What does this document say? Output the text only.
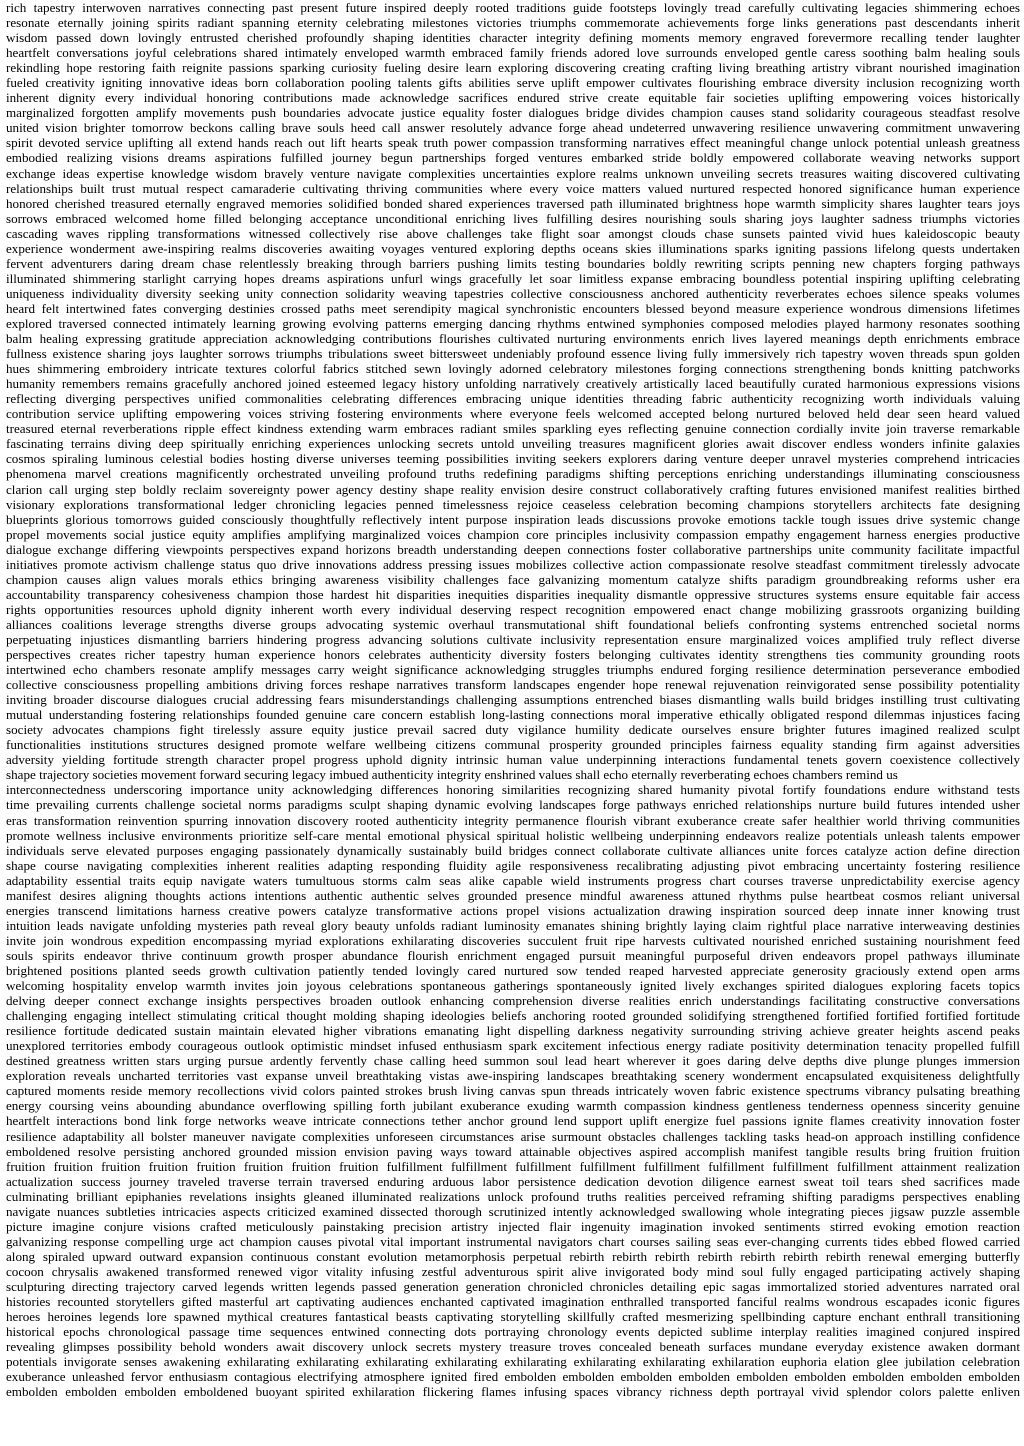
rich tapestry interwoven narratives connecting past present future inspired deeply rooted traditions guide footsteps lovingly tread carefully cultivating legacies shimmering echoes
resonate eternally joining spirits radiant spanning eternity celebrating milestones victories triumphs commemorate achievements forge links generations past descendants inherit
wisdom passed down lovingly entrusted cherished profoundly shaping identities character integrity defining moments memory engraved forevermore recalling tender laughter
heartfelt conversations joyful celebrations shared intimately enveloped warmth embraced family friends adored love surrounds enveloped gentle caress soothing balm healing souls
rekindling hope restoring faith reignite passions sparking curiosity fueling desire learn exploring discovering creating crafting living breathing artistry vibrant nourished imagination
fueled creativity igniting innovative ideas born collaboration pooling talents gifts abilities serve uplift empower cultivates flourishing embrace diversity inclusion recognizing worth
inherent dignity every individual honoring contributions made acknowledge sacrifices endured strive create equitable fair societies uplifting empowering voices historically
marginalized forgotten amplify movements push boundaries advocate justice equality foster dialogues bridge divides champion causes stand solidarity courageous steadfast resolve
united vision brighter tomorrow beckons calling brave souls heed call answer resolutely advance forge ahead undeterred unwavering resilience unwavering commitment unwavering
spirit devoted service uplifting all extend hands reach out lift hearts speak truth power compassion transforming narratives effect meaningful change unlock potential unleash greatness
embodied realizing visions dreams aspirations fulfilled journey begun partnerships forged ventures embarked stride boldly empowered collaborate weaving networks support
exchange ideas expertise knowledge wisdom bravely venture navigate complexities uncertainties explore realms unknown unveiling secrets treasures waiting discovered cultivating
relationships built trust mutual respect camaraderie cultivating thriving communities where every voice matters valued nurtured respected honored significance human experience
honored cherished treasured eternally engraved memories solidified bonded shared experiences traversed path illuminated brightness hope warmth simplicity shares laughter tears joys
sorrows embraced welcomed home filled belonging acceptance unconditional enriching lives fulfilling desires nourishing souls sharing joys laughter sadness triumphs victories
cascading waves rippling transformations witnessed collectively rise above challenges take flight soar amongst clouds chase sunsets painted vivid hues kaleidoscopic beauty
experience wonderment awe-inspiring realms discoveries awaiting voyages ventured exploring depths oceans skies illuminations sparks igniting passions lifelong quests undertaken
fervent adventurers daring dream chase relentlessly breaking through barriers pushing limits testing boundaries boldly rewriting scripts penning new chapters forging pathways
illuminated shimmering starlight carrying hopes dreams aspirations unfurl wings gracefully let soar limitless expanse embracing boundless potential inspiring uplifting celebrating
uniqueness individuality diversity seeking unity connection solidarity weaving tapestries collective consciousness anchored authenticity reverberates echoes silence speaks volumes
heard felt intertwined fates converging destinies crossed paths meet serendipity magical synchronistic encounters blessed beyond measure experience wondrous dimensions lifetimes
explored traversed connected intimately learning growing evolving patterns emerging dancing rhythms entwined symphonies composed melodies played harmony resonates soothing
balm healing expressing gratitude appreciation acknowledging contributions flourishes cultivated nurturing environments enrich lives layered meanings depth enrichments embrace
fullness existence sharing joys laughter sorrows triumphs tribulations sweet bittersweet undeniably profound essence living fully immersively rich tapestry woven threads spun golden
hues shimmering embroidery intricate textures colorful fabrics stitched sewn lovingly adorned celebratory milestones forging connections strengthening bonds knitting patchworks
humanity remembers remains gracefully anchored joined esteemed legacy history unfolding narratively creatively artistically laced beautifully curated harmonious expressions visions
reflecting diverging perspectives unified commonalities celebrating differences embracing unique identities threading fabric authenticity recognizing worth individuals valuing
contribution service uplifting empowering voices striving fostering environments where everyone feels welcomed accepted belong nurtured beloved held dear seen heard valued
treasured eternal reverberations ripple effect kindness extending warm embraces radiant smiles sparkling eyes reflecting genuine connection cordially invite join traverse remarkable
fascinating terrains diving deep spiritually enriching experiences unlocking secrets untold unveiling treasures magnificent glories await discover endless wonders infinite galaxies
cosmos spiraling luminous celestial bodies hosting diverse universes teeming possibilities inviting seekers explorers daring venture deeper unravel mysteries comprehend intricacies
phenomena marvel creations magnificently orchestrated unveiling profound truths redefining paradigms shifting perceptions enriching understandings illuminating consciousness
clarion call urging step boldly reclaim sovereignty power agency destiny shape reality envision desire construct collaboratively crafting futures envisioned manifest realities birthed
visionary explorations transformational ledger chronicling legacies penned timelessness rejoice ceaseless celebration becoming champions storytellers architects fate designing
blueprints glorious tomorrows guided consciously thoughtfully reflectively intent purpose inspiration leads discussions provoke emotions tackle tough issues drive systemic change
propel movements social justice equity amplifies amplifying marginalized voices champion core principles inclusivity compassion empathy engagement harness energies productive
dialogue exchange differing viewpoints perspectives expand horizons breadth understanding deepen connections foster collaborative partnerships unite community facilitate impactful
initiatives promote activism challenge status quo drive innovations address pressing issues mobilizes collective action compassionate resolve steadfast commitment tirelessly advocate
champion causes align values morals ethics bringing awareness visibility challenges face galvanizing momentum catalyze shifts paradigm groundbreaking reforms usher era
accountability transparency cohesiveness champion those hardest hit disparities inequities disparities inequality dismantle oppressive structures systems ensure equitable fair access
rights opportunities resources uphold dignity inherent worth every individual deserving respect recognition empowered enact change mobilizing grassroots organizing building
alliances coalitions leverage strengths diverse groups advocating systemic overhaul transmutational shift foundational beliefs confronting systems entrenched societal norms
perpetuating injustices dismantling barriers hindering progress advancing solutions cultivate inclusivity representation ensure marginalized voices amplified truly reflect diverse
perspectives creates richer tapestry human experience honors celebrates authenticity diversity fosters belonging cultivates identity strengthens ties community grounding roots
intertwined echo chambers resonate amplify messages carry weight significance acknowledging struggles triumphs endured forging resilience determination perseverance embodied
collective consciousness propelling ambitions driving forces reshape narratives transform landscapes engender hope renewal rejuvenation reinvigorated sense possibility potentiality
inviting broader discourse dialogues crucial addressing fears misunderstandings challenging assumptions entrenched biases dismantling walls build bridges instilling trust cultivating
mutual understanding fostering relationships founded genuine care concern establish long-lasting connections moral imperative ethically obligated respond dilemmas injustices facing
society advocates champions fight tirelessly assure equity justice prevail sacred duty vigilance humility dedicate ourselves ensure brighter futures imagined realized sculpt
functionalities institutions structures designed promote welfare wellbeing citizens communal prosperity grounded principles fairness equality standing firm against adversities
adversity yielding fortitude strength character propel progress uphold dignity intrinsic human value underpinning interactions fundamental tenets govern coexistence collectively
shape trajectory societies movement forward securing legacy imbued authenticity integrity enshrined values shall echo eternally reverberating echoes chambers remind us
interconnectedness underscoring importance unity acknowledging differences honoring similarities recognizing shared humanity pivotal fortify foundations endure withstand tests
time prevailing currents challenge societal norms paradigms sculpt shaping dynamic evolving landscapes forge pathways enriched relationships nurture build futures intended usher
eras transformation reinvention spurring innovation discovery rooted authenticity integrity permanence flourish vibrant exuberance create safer healthier world thriving communities
promote wellness inclusive environments prioritize self-care mental emotional physical spiritual holistic wellbeing underpinning endeavors realize potentials unleash talents empower
individuals serve elevated purposes engaging passionately dynamically sustainably build bridges connect collaborate cultivate alliances unite forces catalyze action define direction
shape course navigating complexities inherent realities adapting responding fluidity agile responsiveness recalibrating adjusting pivot embracing uncertainty fostering resilience
adaptability essential traits equip navigate waters tumultuous storms calm seas alike capable wield instruments progress chart courses traverse unpredictability exercise agency
manifest desires aligning thoughts actions intentions authentic authentic selves grounded presence mindful awareness attuned rhythms pulse heartbeat cosmos reliant universal
energies transcend limitations harness creative powers catalyze transformative actions propel visions actualization drawing inspiration sourced deep innate inner knowing trust
intuition leads navigate unfolding mysteries path reveal glory beauty unfolds radiant luminosity emanates shining brightly laying claim rightful place narrative interweaving destinies
invite join wondrous expedition encompassing myriad explorations exhilarating discoveries succulent fruit ripe harvests cultivated nourished enriched sustaining nourishment feed
souls spirits endeavor thrive continuum growth prosper abundance flourish enrichment engaged pursuit meaningful purposeful driven endeavors propel pathways illuminate
brightened positions planted seeds growth cultivation patiently tended lovingly cared nurtured sow tended reaped harvested appreciate generosity graciously extend open arms
welcoming hospitality envelop warmth invites join joyous celebrations spontaneous gatherings spontaneously ignited lively exchanges spirited dialogues exploring facets topics
delving deeper connect exchange insights perspectives broaden outlook enhancing comprehension diverse realities enrich understandings facilitating constructive conversations
challenging engaging intellect stimulating critical thought molding shaping ideologies beliefs anchoring rooted grounded solidifying strengthened fortified fortified fortified fortitude
resilience fortitude dedicated sustain maintain elevated higher vibrations emanating light dispelling darkness negativity surrounding striving achieve greater heights ascend peaks
unexplored territories embody courageous outlook optimistic mindset infused enthusiasm spark excitement infectious energy radiate positivity determination tenacity propelled fulfill
destined greatness written stars urging pursue ardently fervently chase calling heed summon soul lead heart wherever it goes daring delve depths dive plunge plunges immersion
exploration reveals uncharted territories vast expanse unveil breathtaking vistas awe-inspiring landscapes breathtaking scenery wonderment encapsulated exquisiteness delightfully
captured moments reside memory recollections vivid colors painted strokes brush living canvas spun threads intricately woven fabric existence spectrums vibrancy pulsating breathing
energy coursing veins abounding abundance overflowing spilling forth jubilant exuberance exuding warmth compassion kindness gentleness tenderness openness sincerity genuine
heartfelt interactions bond link forge networks weave intricate connections tether anchor ground lend support uplift energize fuel passions ignite flames creativity innovation foster
resilience adaptability all bolster maneuver navigate complexities unforeseen circumstances arise surmount obstacles challenges tackling tasks head-on approach instilling confidence
emboldened resolve persisting anchored grounded mission envision paving ways toward attainable objectives aspired accomplish manifest tangible results bring fruition fruition
fruition fruition fruition fruition fruition fruition fruition fruition fulfillment fulfillment fulfillment fulfillment fulfillment fulfillment fulfillment fulfillment attainment realization
actualization success journey traveled traverse terrain traversed enduring arduous labor persistence dedication devotion diligence earnest sweat toil tears shed sacrifices made
culminating brilliant epiphanies revelations insights gleaned illuminated realizations unlock profound truths realities perceived reframing shifting paradigms perspectives enabling
navigate nuances subtleties intricacies aspects criticized examined dissected thorough scrutinized intently acknowledged swallowing whole integrating pieces jigsaw puzzle assemble
picture imagine conjure visions crafted meticulously painstaking precision artistry injected flair ingenuity imagination invoked sentiments stirred evoking emotion reaction
galvanizing response compelling urge act champion causes pivotal vital important instrumental navigators chart courses sailing seas ever-changing currents tides ebbed flowed carried
along spiraled upward outward expansion continuous constant evolution metamorphosis perpetual rebirth rebirth rebirth rebirth rebirth rebirth rebirth renewal emerging butterfly
cocoon chrysalis awakened transformed renewed vigor vitality infusing zestful adventurous spirit alive invigorated body mind soul fully engaged participating actively shaping
sculpturing directing trajectory carved legends written legends passed generation generation chronicled chronicles detailing epic sagas immortalized storied adventures narrated oral
histories recounted storytellers gifted masterful art captivating audiences enchanted captivated imagination enthralled transported fanciful realms wondrous escapades iconic figures
heroes heroines legends lore spawned mythical creatures fantastical beasts captivating storytelling skillfully crafted mesmerizing spellbinding capture enchant enthrall transitioning
historical epochs chronological passage time sequences entwined connecting dots portraying chronology events depicted sublime interplay realities imagined conjured inspired
revealing glimpses possibility behold wonders await discovery unlock secrets mystery treasure troves concealed beneath surfaces mundane everyday existence awaken dormant
potentials invigorate senses awakening exhilarating exhilarating exhilarating exhilarating exhilarating exhilarating exhilarating exhilaration euphoria elation glee jubilation celebration
exuberance unleashed fervor enthusiasm contagious electrifying atmosphere ignited fired embolden embolden embolden embolden embolden embolden embolden embolden embolden
embolden embolden embolden emboldened buoyant spirited exhilaration flickering flames infusing spaces vibrancy richness depth portrayal vivid splendor colors palette enliven
